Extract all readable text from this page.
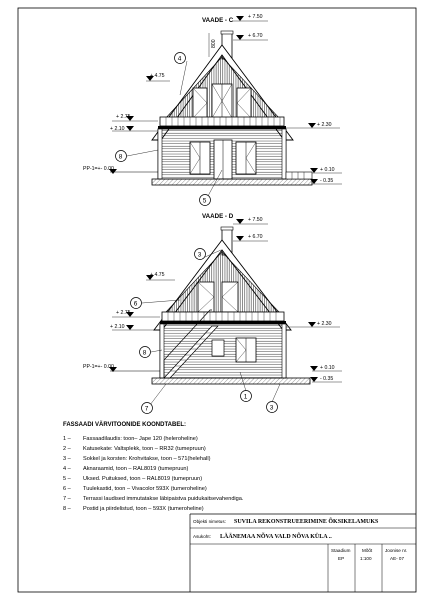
VAADE - C
800
+ 7.50
+ 6.70
+ 4.75
+ 2.75
+ 2.10
+ 2.30
PP-1=+- 0.00	+ 0.10
- 0.35
4
8
5
VAADE - D	+ 7.50
+ 6.70
+ 4.75
+ 2.75
+ 2.10	+ 2.30
PP-1=+- 0.00	+ 0.10
- 0.35
3
6
8
7
1
3
FASSAADI VÄRVITOONIDE KOONDTABEL:
1 – Fassaadilaudis: toon– Jape 120 (heleroheline)
2 – Katusekate: Valtsplekk, toon – RR32 (tumepruun)
3 – Sokkel ja korsten: Krohvitakse, toon – 571(helehall)
4 – Aknaraamid, toon – RAL8019 (tumepruun)
5 – Uksed. Puituksed, toon – RAL8019 (tumepruun)
6 – Tuulekastid, toon – Vivacolor 593X (tumeroheline)
7 – Terrassi laudised immutatakse läbipaistva puidukaitsevahendiga.
8 – Postid ja piirdelistud, toon – 593X (tumeroheline)
Objekti nimetus: SUVILA REKONSTRUEERIMINE ÕKSIKELAMUKS
Asukoht: LÄÄNEMAA NÕVA VALD NÕVA KÜLA ..
Staadium
EP
Mõõt
1:100
Joonise nr.
AE- 07
